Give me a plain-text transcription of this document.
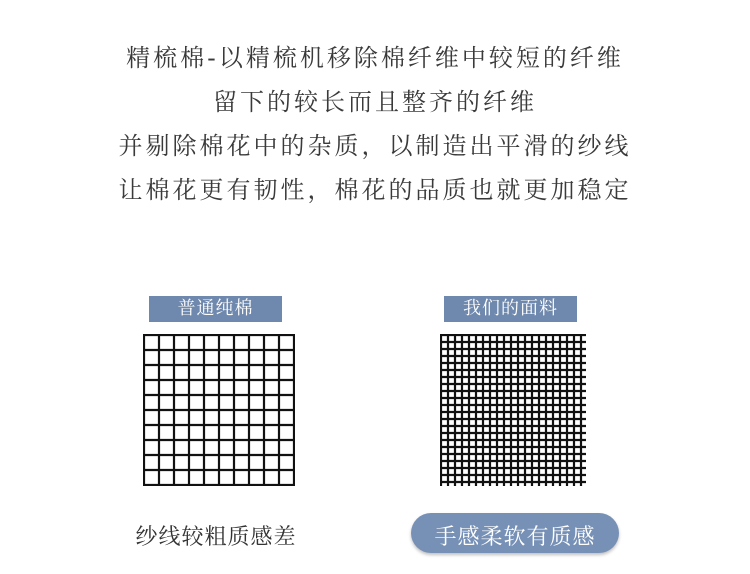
精梳棉-以精梳机移除棉纤维中较短的纤维
留下的较长而且整齐的纤维
并剔除棉花中的杂质，以制造出平滑的纱线
让棉花更有韧性，棉花的品质也就更加稳定
普通纯棉
纱线较粗质感差
我们的面料
手感柔软有质感
